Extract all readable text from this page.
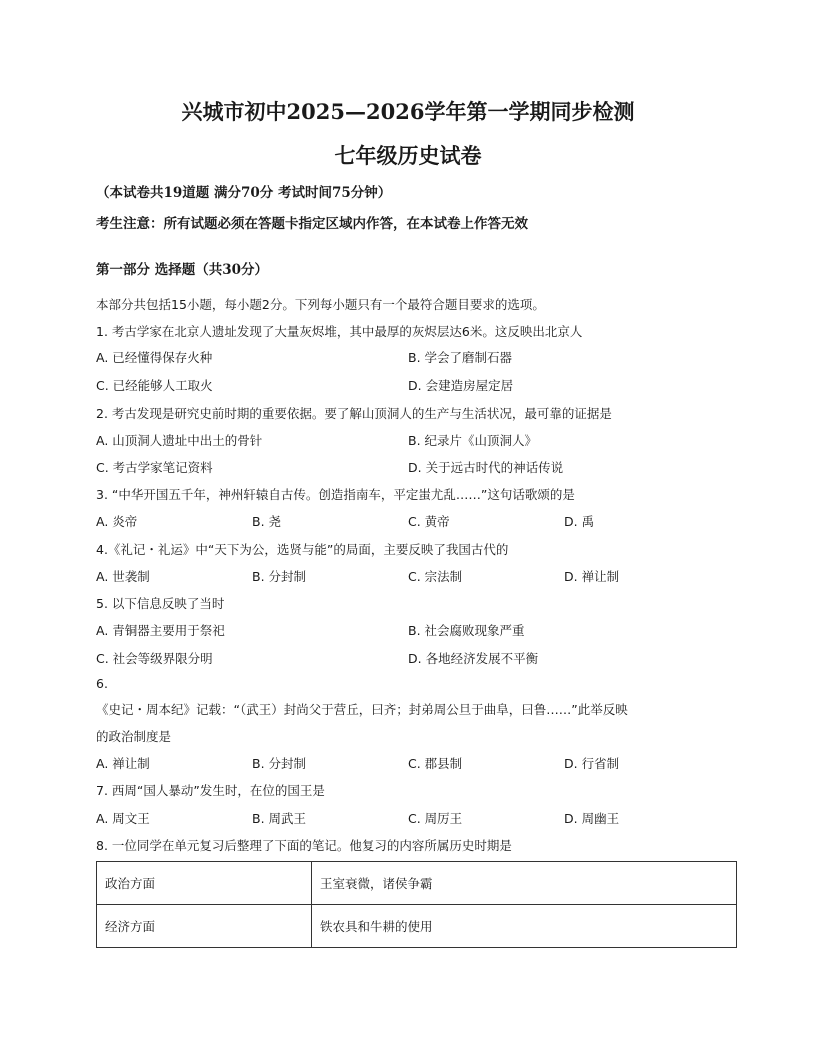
兴城市初中2025—2026学年第一学期同步检测
七年级历史试卷
（本试卷共19道题 满分70分 考试时间75分钟）
考生注意：所有试题必须在答题卡指定区域内作答，在本试卷上作答无效
第一部分 选择题（共30分）
本部分共包括15小题，每小题2分。下列每小题只有一个最符合题目要求的选项。
1. 考古学家在北京人遗址发现了大量灰烬堆，其中最厚的灰烬层达6米。这反映出北京人
A. 已经懂得保存火种	B. 学会了磨制石器
C. 已经能够人工取火	D. 会建造房屋定居
2. 考古发现是研究史前时期的重要依据。要了解山顶洞人的生产与生活状况，最可靠的证据是
A. 山顶洞人遗址中出土的骨针	B. 纪录片《山顶洞人》
C. 考古学家笔记资料	D. 关于远古时代的神话传说
3. “中华开国五千年，神州轩辕自古传。创造指南车，平定蚩尤乱……”这句话歌颂的是
A. 炎帝	B. 尧	C. 黄帝	D. 禹
4.《礼记・礼运》中“天下为公，选贤与能”的局面，主要反映了我国古代的
A. 世袭制	B. 分封制	C. 宗法制	D. 禅让制
5. 以下信息反映了当时
A. 青铜器主要用于祭祀	B. 社会腐败现象严重
C. 社会等级界限分明	D. 各地经济发展不平衡
6.
《史记・周本纪》记载：“（武王）封尚父于营丘，曰齐；封弟周公旦于曲阜，曰鲁……”此举反映
的政治制度是
A. 禅让制	B. 分封制	C. 郡县制	D. 行省制
7. 西周“国人暴动”发生时，在位的国王是
A. 周文王	B. 周武王	C. 周厉王	D. 周幽王
8. 一位同学在单元复习后整理了下面的笔记。他复习的内容所属历史时期是
政治方面	王室衰微，诸侯争霸
经济方面	铁农具和牛耕的使用
